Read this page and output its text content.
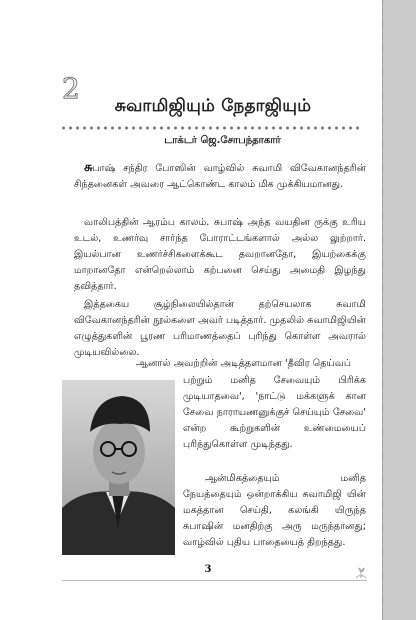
2
சுவாமிஜியும் நேதாஜியும்
டாக்டர் ஜெ.சோபந்தாகார்
சுபாஷ் சந்திர போஸின் வாழ்வில் சுவாமி விவேகானந்தரின் சிந்தனைகள் அவரை ஆட்கொண்ட காலம் மிக முக்கியமானது.
வாலிபத்தின் ஆரம்ப காலம். சுபாஷ் அந்த வயதின ருக்கு உரிய உடல், உணர்வு சார்ந்த போராட்டங்களால் அல்ல லுற்றார். இயல்பான உணர்ச்சிகளைக்கூட தவறானதோ, இயற்கைக்கு மாறானதோ என்றெல்லாம் கற்பனை செய்து அமைதி இழந்து தவித்தார்.
இத்தகைய சூழ்நிலையில்தான் தற்செயலாக சுவாமி விவேகானந்தரின் நூல்களை அவர் படித்தார். முதலில் சுவாமிஜியின் எழுத்துகளின் பூரண பரிமாணத்தைப் புரிந்து கொள்ள அவரால் முடியவில்லை.
ஆனால் அவற்றின் அடித்தளமான 'தீவிர தெய்வப்
பற்றும் மனித சேவையும் பிரிக்க முடியாதவை', 'நாட்டு மக்களுக் கான சேவை நாராயணனுக்குச் செய்யும் சேவை' என்ற கூற்றுகளின் உண்மையைப் புரிந்துகொள்ள முடிந்தது.
ஆன்மிகத்தையும் மனித நேயத்தையும் ஒன்றாக்கிய சுவாமிஜி யின் மகத்தான செய்தி, கலங்கி யிருந்த சுபாஷின் மனதிற்கு அரு மருந்தானது; வாழ்வில் புதிய பாதையைத் திறந்தது.
3
